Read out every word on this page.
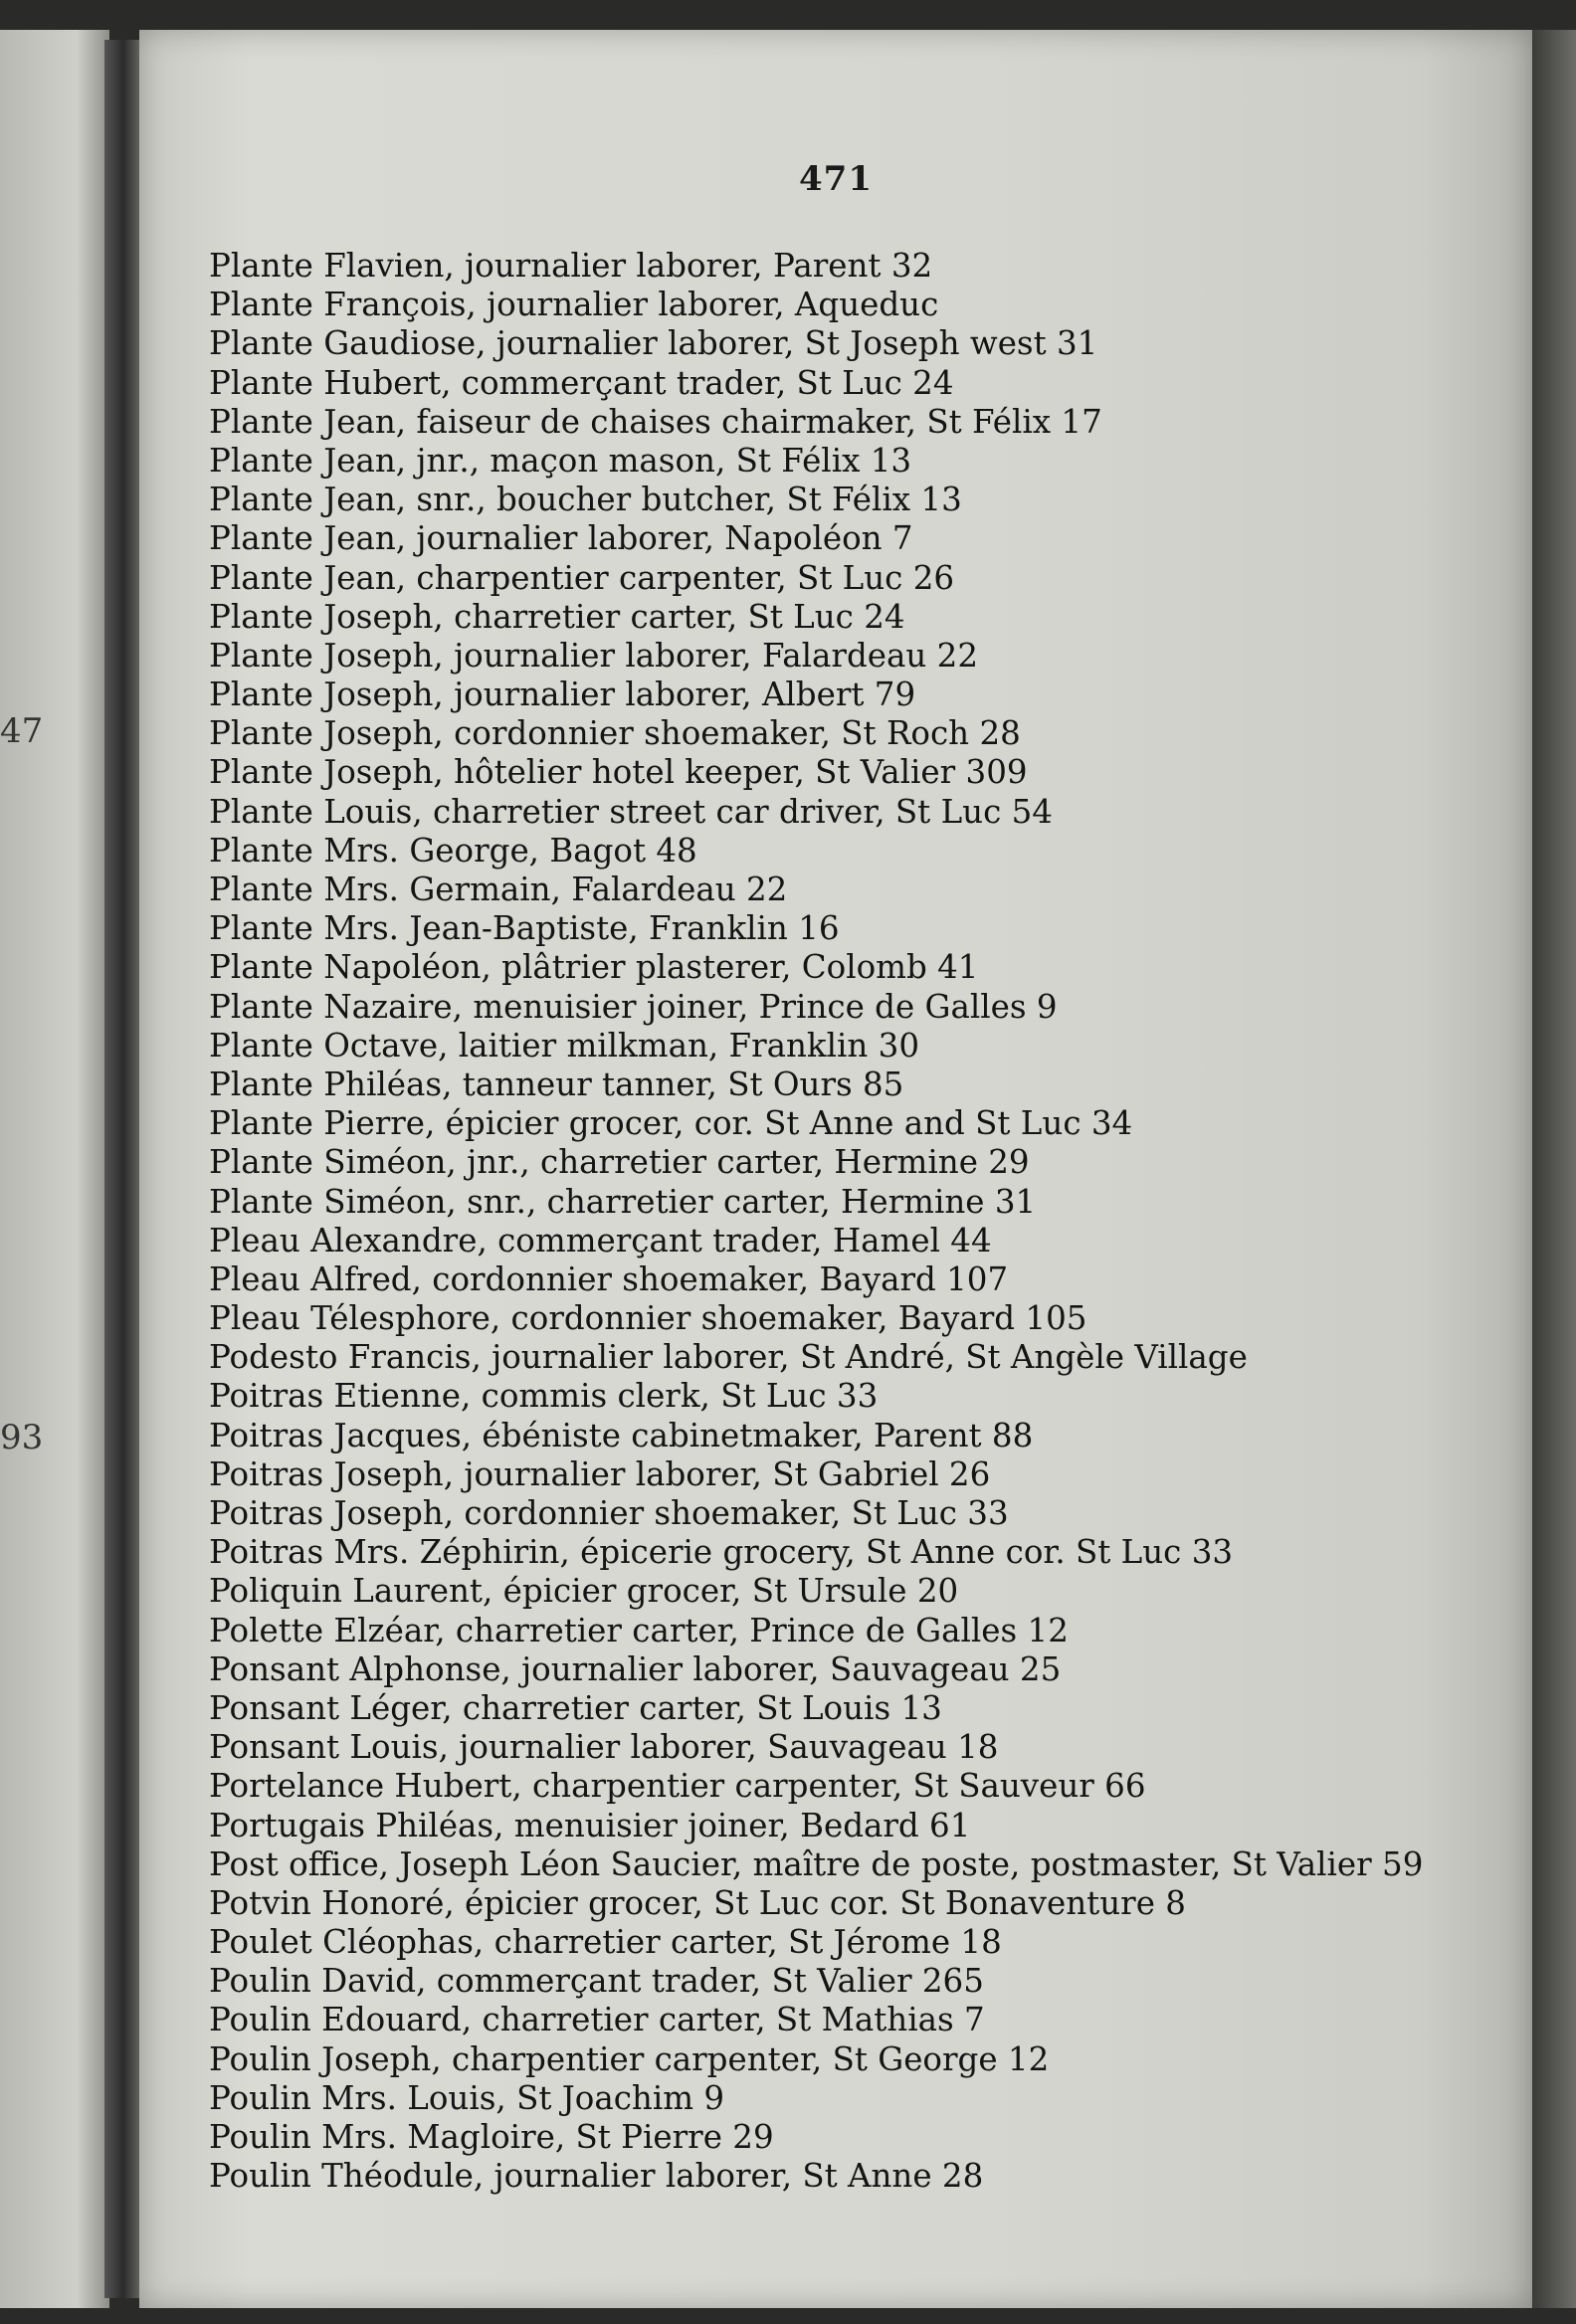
47
93
471
Plante Flavien, journalier laborer, Parent 32
Plante François, journalier laborer, Aqueduc
Plante Gaudiose, journalier laborer, St Joseph west 31
Plante Hubert, commerçant trader, St Luc 24
Plante Jean, faiseur de chaises chairmaker, St Félix 17
Plante Jean, jnr., maçon mason, St Félix 13
Plante Jean, snr., boucher butcher, St Félix 13
Plante Jean, journalier laborer, Napoléon 7
Plante Jean, charpentier carpenter, St Luc 26
Plante Joseph, charretier carter, St Luc 24
Plante Joseph, journalier laborer, Falardeau 22
Plante Joseph, journalier laborer, Albert 79
Plante Joseph, cordonnier shoemaker, St Roch 28
Plante Joseph, hôtelier hotel keeper, St Valier 309
Plante Louis, charretier street car driver, St Luc 54
Plante Mrs. George, Bagot 48
Plante Mrs. Germain, Falardeau 22
Plante Mrs. Jean-Baptiste, Franklin 16
Plante Napoléon, plâtrier plasterer, Colomb 41
Plante Nazaire, menuisier joiner, Prince de Galles 9
Plante Octave, laitier milkman, Franklin 30
Plante Philéas, tanneur tanner, St Ours 85
Plante Pierre, épicier grocer, cor. St Anne and St Luc 34
Plante Siméon, jnr., charretier carter, Hermine 29
Plante Siméon, snr., charretier carter, Hermine 31
Pleau Alexandre, commerçant trader, Hamel 44
Pleau Alfred, cordonnier shoemaker, Bayard 107
Pleau Télesphore, cordonnier shoemaker, Bayard 105
Podesto Francis, journalier laborer, St André, St Angèle Village
Poitras Etienne, commis clerk, St Luc 33
Poitras Jacques, ébéniste cabinetmaker, Parent 88
Poitras Joseph, journalier laborer, St Gabriel 26
Poitras Joseph, cordonnier shoemaker, St Luc 33
Poitras Mrs. Zéphirin, épicerie grocery, St Anne cor. St Luc 33
Poliquin Laurent, épicier grocer, St Ursule 20
Polette Elzéar, charretier carter, Prince de Galles 12
Ponsant Alphonse, journalier laborer, Sauvageau 25
Ponsant Léger, charretier carter, St Louis 13
Ponsant Louis, journalier laborer, Sauvageau 18
Portelance Hubert, charpentier carpenter, St Sauveur 66
Portugais Philéas, menuisier joiner, Bedard 61
Post office, Joseph Léon Saucier, maître de poste, postmaster, St Valier 59
Potvin Honoré, épicier grocer, St Luc cor. St Bonaventure 8
Poulet Cléophas, charretier carter, St Jérome 18
Poulin David, commerçant trader, St Valier 265
Poulin Edouard, charretier carter, St Mathias 7
Poulin Joseph, charpentier carpenter, St George 12
Poulin Mrs. Louis, St Joachim 9
Poulin Mrs. Magloire, St Pierre 29
Poulin Théodule, journalier laborer, St Anne 28
